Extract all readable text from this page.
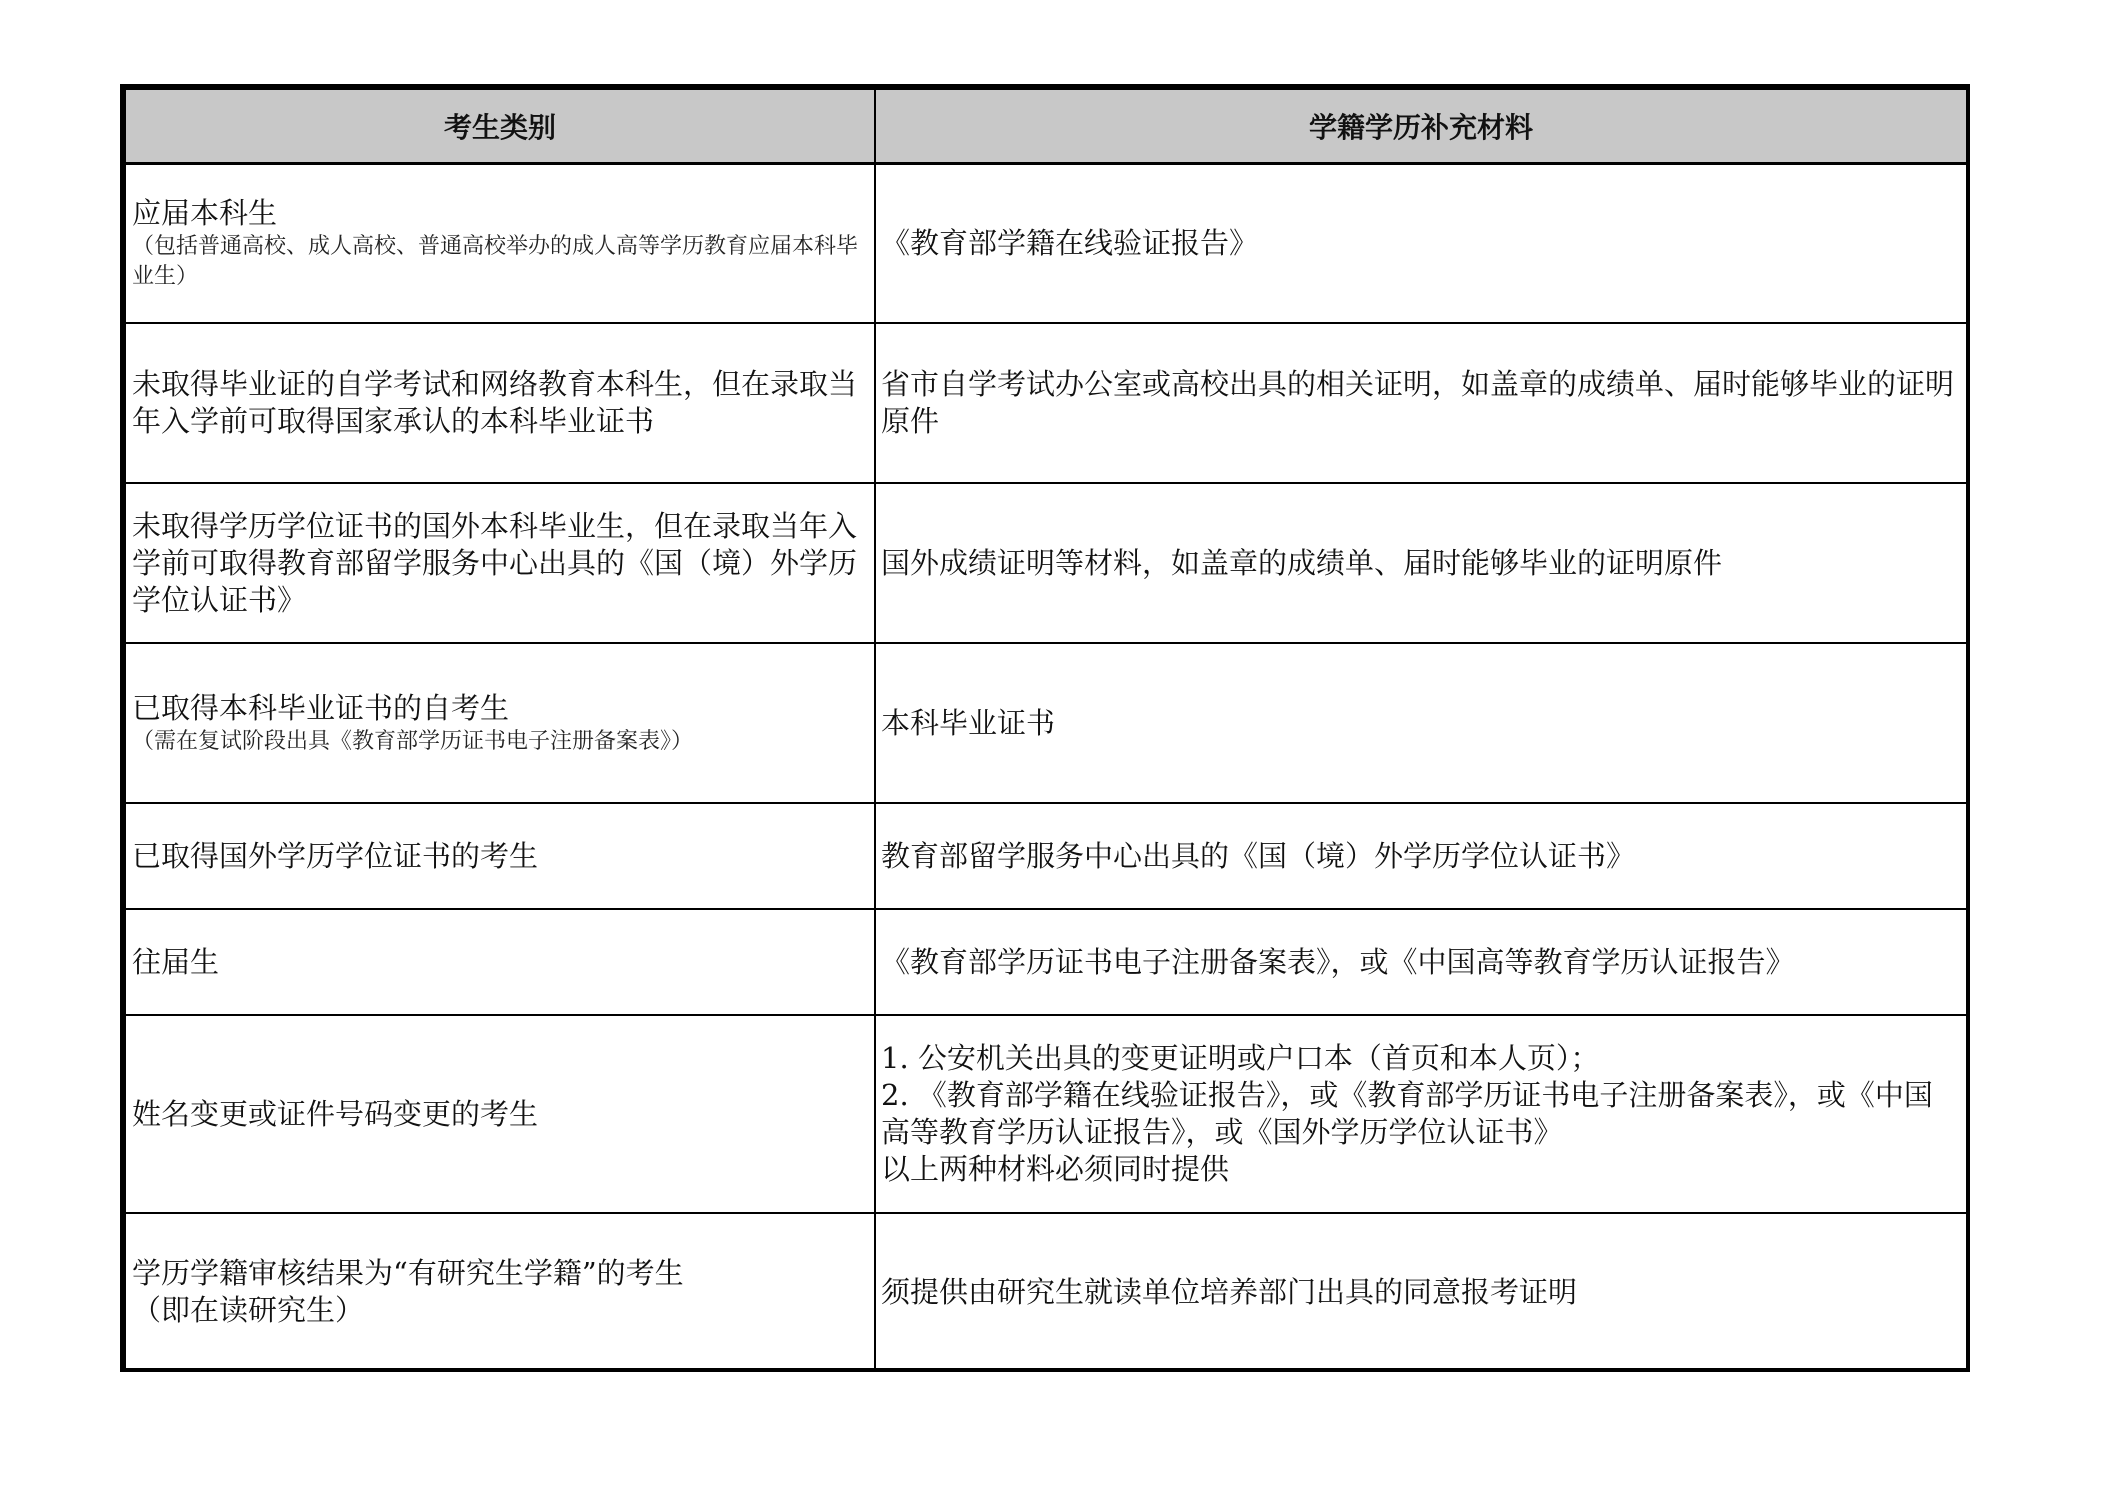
考生类别	学籍学历补充材料

应届本科生
（包括普通高校、成人高校、普通高校举办的成人高等学历教育应届本科毕业生）	《教育部学籍在线验证报告》

未取得毕业证的自学考试和网络教育本科生，但在录取当年入学前可取得国家承认的本科毕业证书	省市自学考试办公室或高校出具的相关证明，如盖章的成绩单、届时能够毕业的证明原件

未取得学历学位证书的国外本科毕业生，但在录取当年入学前可取得教育部留学服务中心出具的《国（境）外学历学位认证书》	国外成绩证明等材料，如盖章的成绩单、届时能够毕业的证明原件

已取得本科毕业证书的自考生
（需在复试阶段出具《教育部学历证书电子注册备案表》）	本科毕业证书

已取得国外学历学位证书的考生	教育部留学服务中心出具的《国（境）外学历学位认证书》

往届生	《教育部学历证书电子注册备案表》，或《中国高等教育学历认证报告》

姓名变更或证件号码变更的考生	1. 公安机关出具的变更证明或户口本（首页和本人页）；
2. 《教育部学籍在线验证报告》，或《教育部学历证书电子注册备案表》，或《中国高等教育学历认证报告》，或《国外学历学位认证书》
以上两种材料必须同时提供

学历学籍审核结果为“有研究生学籍”的考生
（即在读研究生）	须提供由研究生就读单位培养部门出具的同意报考证明
